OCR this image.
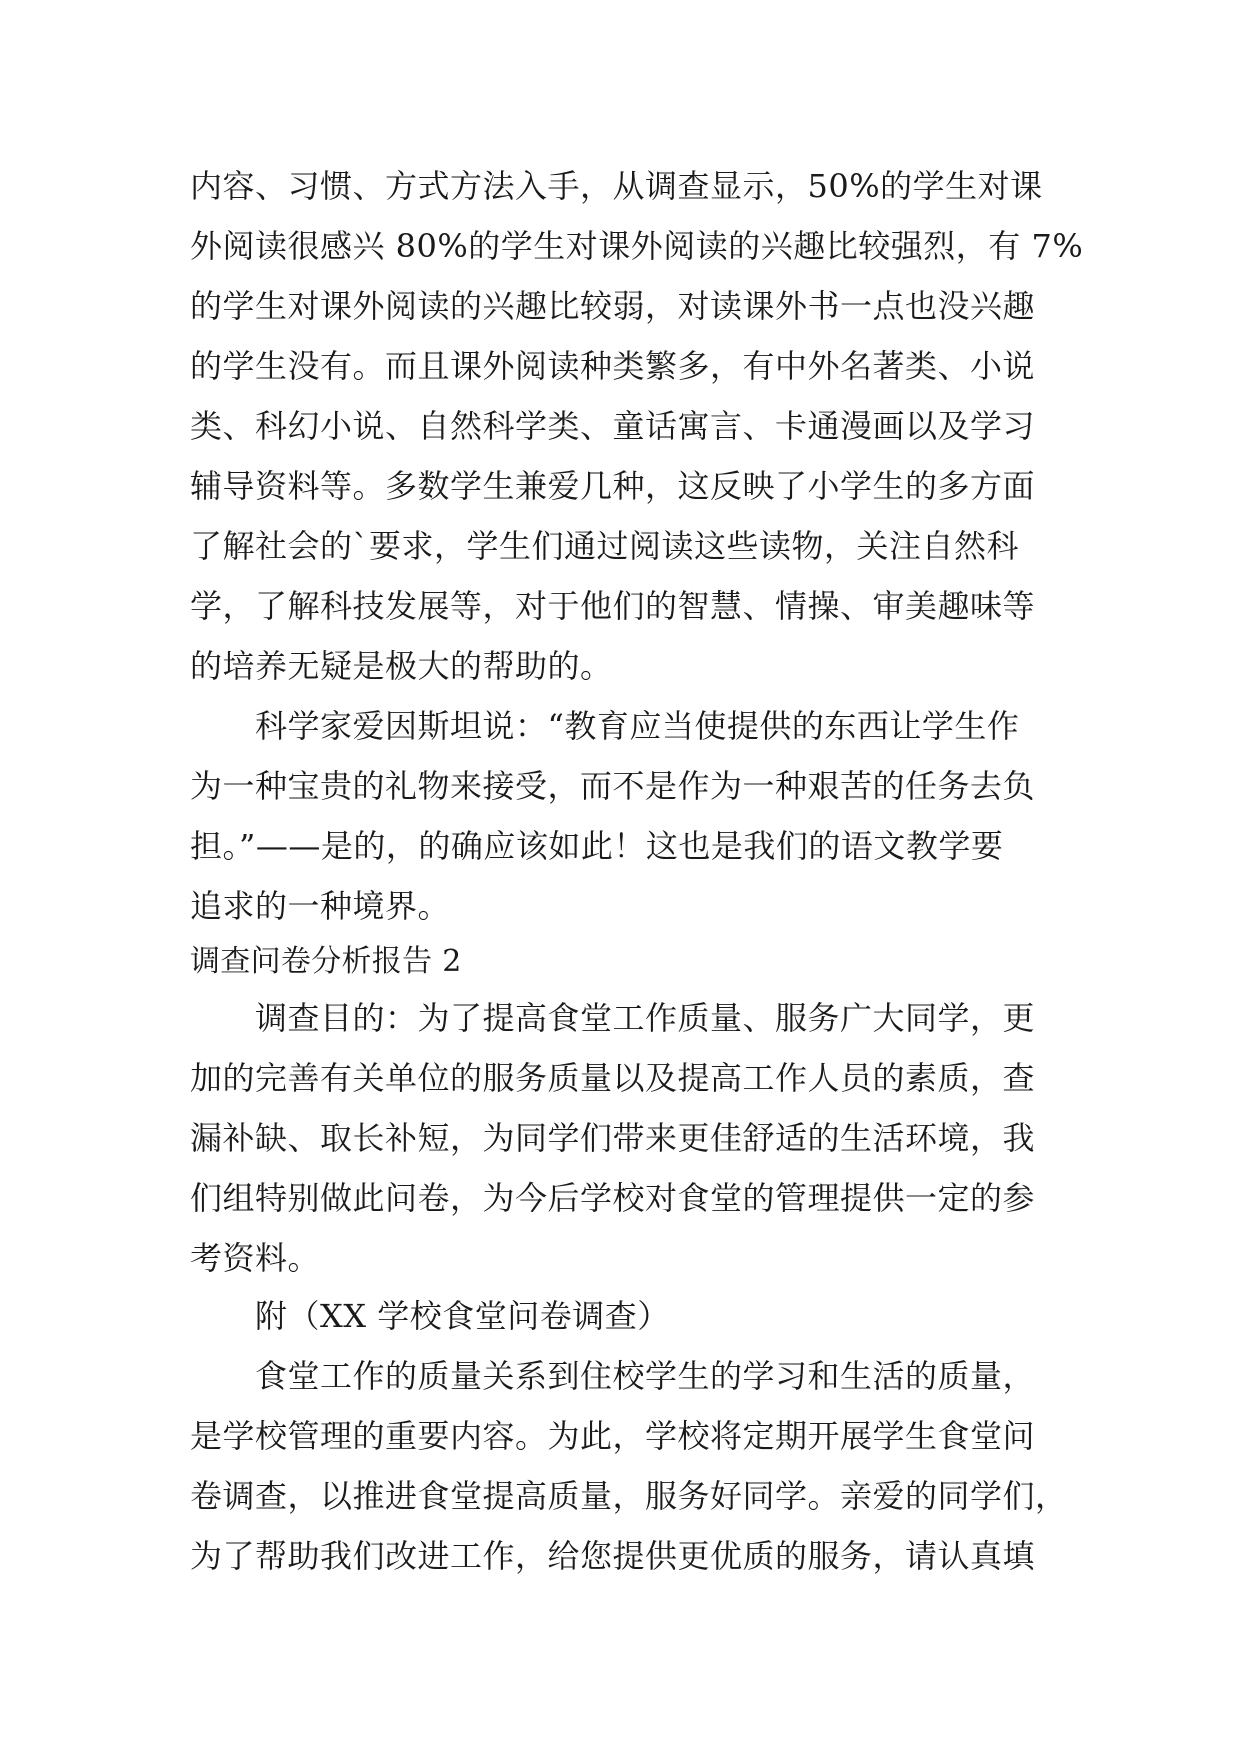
内容、习惯、方式方法入手，从调查显示，50%的学生对课
外阅读很感兴 80%的学生对课外阅读的兴趣比较强烈，有 7%
的学生对课外阅读的兴趣比较弱，对读课外书一点也没兴趣
的学生没有。而且课外阅读种类繁多，有中外名著类、小说
类、科幻小说、自然科学类、童话寓言、卡通漫画以及学习
辅导资料等。多数学生兼爱几种，这反映了小学生的多方面
了解社会的`要求，学生们通过阅读这些读物，关注自然科
学，了解科技发展等，对于他们的智慧、情操、审美趣味等
的培养无疑是极大的帮助的。
科学家爱因斯坦说：“教育应当使提供的东西让学生作
为一种宝贵的礼物来接受，而不是作为一种艰苦的任务去负
担。”——是的，的确应该如此！这也是我们的语文教学要
追求的一种境界。
调查问卷分析报告 2
调查目的：为了提高食堂工作质量、服务广大同学，更
加的完善有关单位的服务质量以及提高工作人员的素质，查
漏补缺、取长补短，为同学们带来更佳舒适的生活环境，我
们组特别做此问卷，为今后学校对食堂的管理提供一定的参
考资料。
附（XX 学校食堂问卷调查）
食堂工作的质量关系到住校学生的学习和生活的质量，
是学校管理的重要内容。为此，学校将定期开展学生食堂问
卷调查，以推进食堂提高质量，服务好同学。亲爱的同学们，
为了帮助我们改进工作，给您提供更优质的服务，请认真填
